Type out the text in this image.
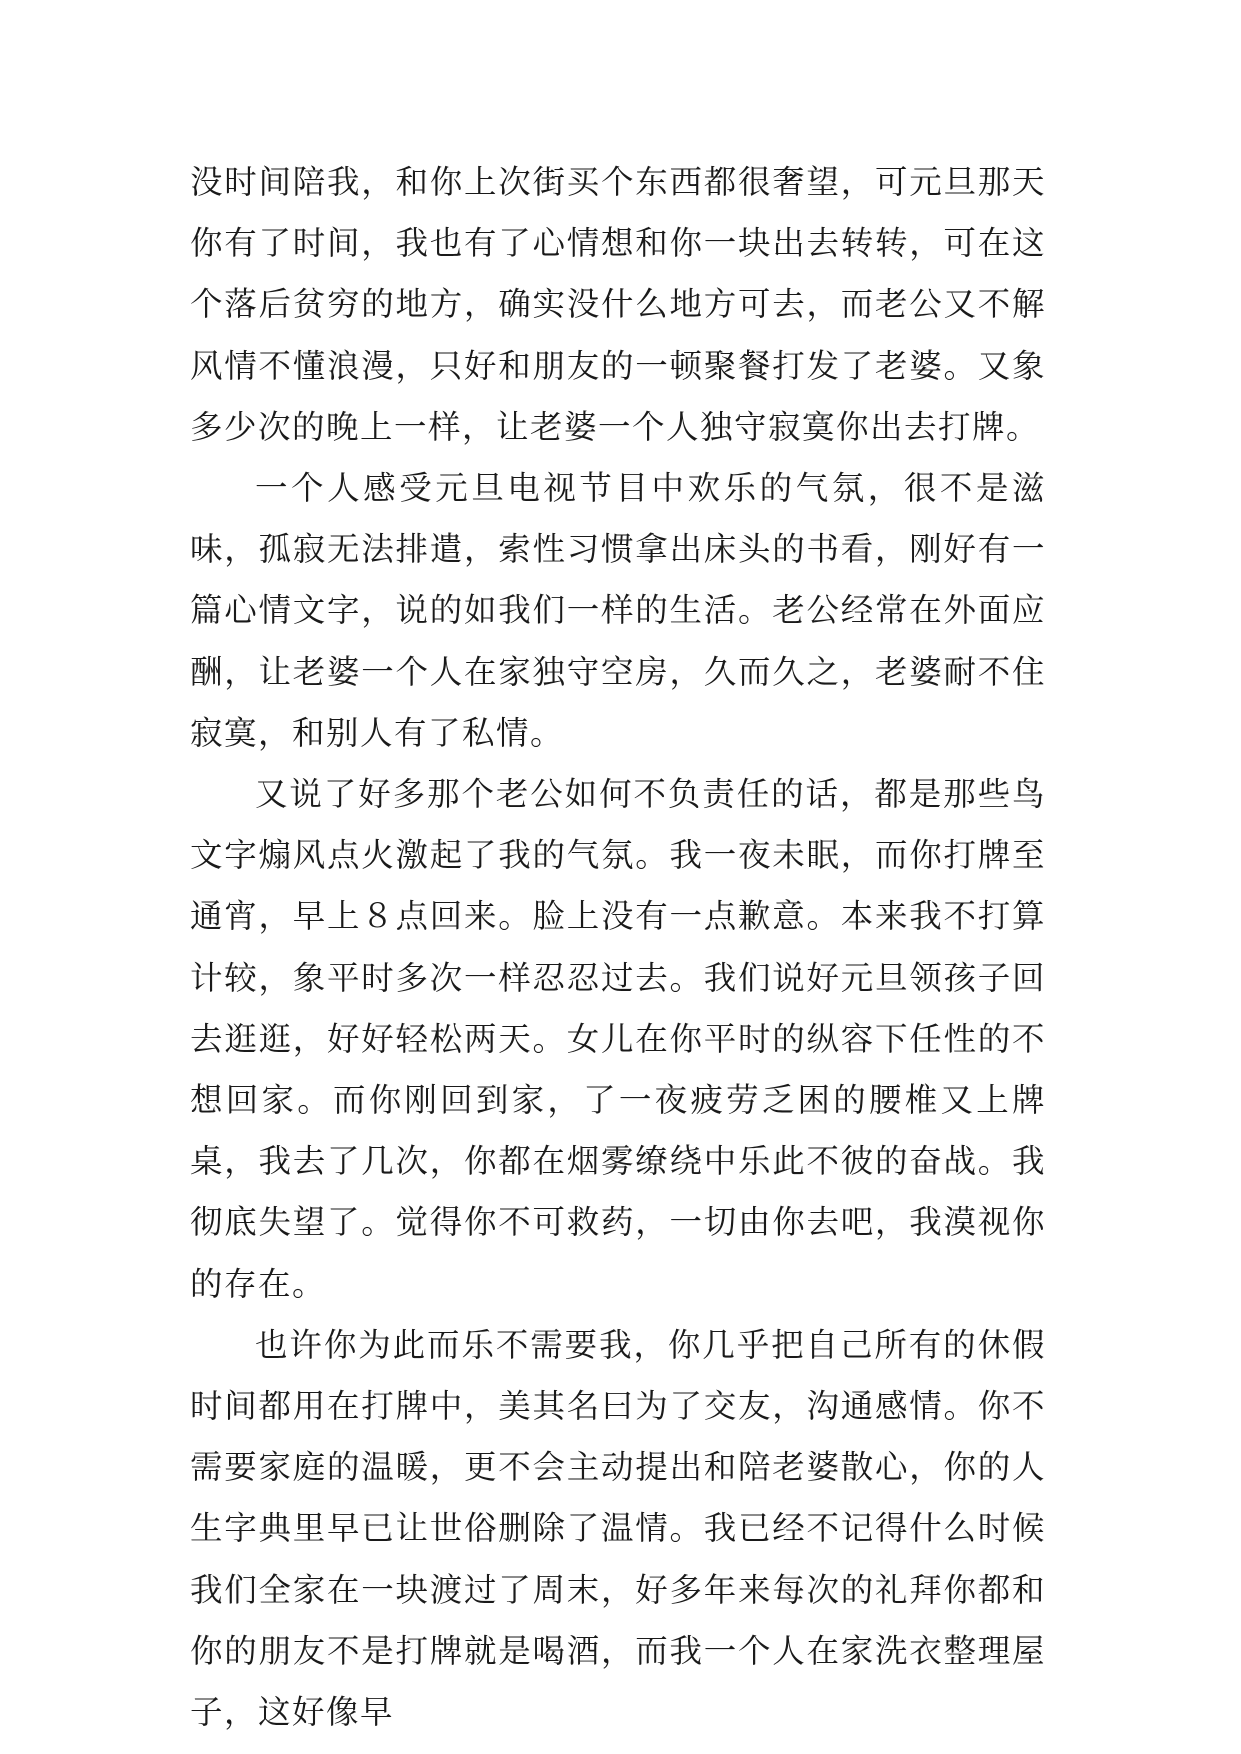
没时间陪我，和你上次街买个东西都很奢望，可元旦那天你有了时间，我也有了心情想和你一块出去转转，可在这个落后贫穷的地方，确实没什么地方可去，而老公又不解风情不懂浪漫，只好和朋友的一顿聚餐打发了老婆。又象多少次的晚上一样，让老婆一个人独守寂寞你出去打牌。

一个人感受元旦电视节目中欢乐的气氛，很不是滋味，孤寂无法排遣，索性习惯拿出床头的书看，刚好有一篇心情文字，说的如我们一样的生活。老公经常在外面应酬，让老婆一个人在家独守空房，久而久之，老婆耐不住寂寞，和别人有了私情。

又说了好多那个老公如何不负责任的话，都是那些鸟文字煽风点火激起了我的气氛。我一夜未眠，而你打牌至通宵，早上８点回来。脸上没有一点歉意。本来我不打算计较，象平时多次一样忍忍过去。我们说好元旦领孩子回去逛逛，好好轻松两天。女儿在你平时的纵容下任性的不想回家。而你刚回到家，了一夜疲劳乏困的腰椎又上牌桌，我去了几次，你都在烟雾缭绕中乐此不彼的奋战。我彻底失望了。觉得你不可救药，一切由你去吧，我漠视你的存在。

也许你为此而乐不需要我，你几乎把自己所有的休假时间都用在打牌中，美其名曰为了交友，沟通感情。你不需要家庭的温暖，更不会主动提出和陪老婆散心，你的人生字典里早已让世俗删除了温情。我已经不记得什么时候我们全家在一块渡过了周末，好多年来每次的礼拜你都和你的朋友不是打牌就是喝酒，而我一个人在家洗衣整理屋子，这好像早
